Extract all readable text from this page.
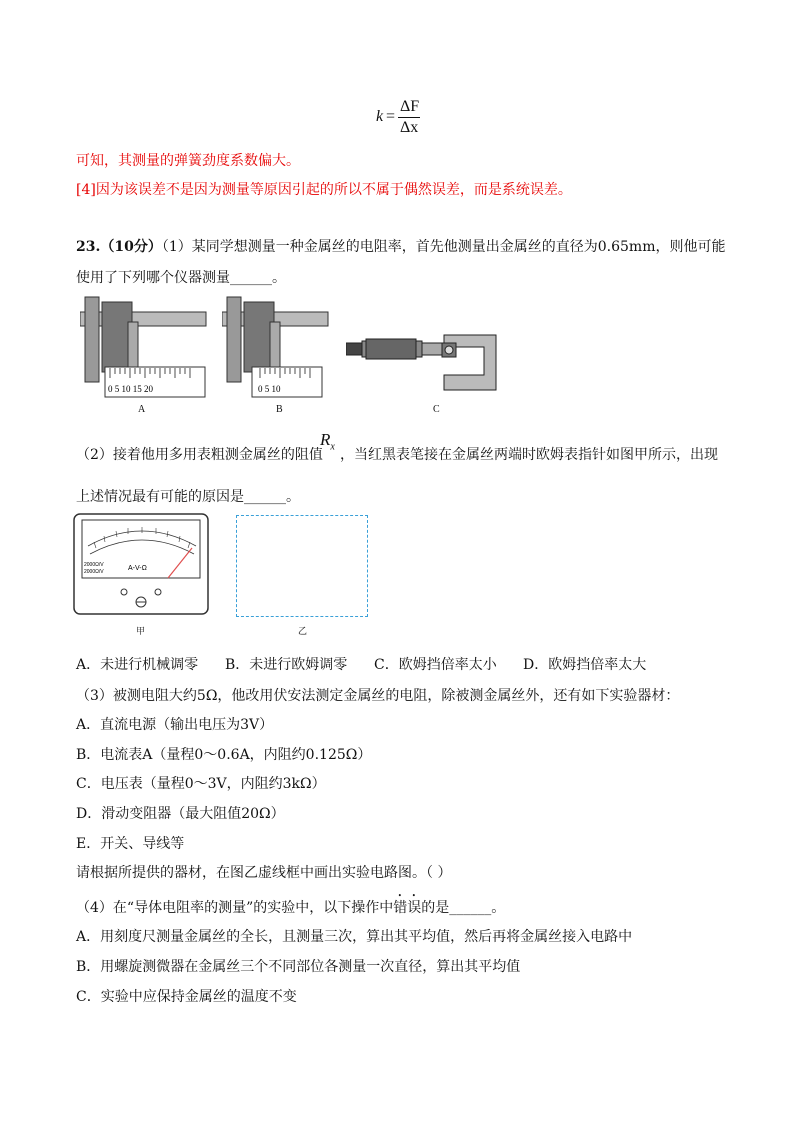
k =
ΔF
Δx
可知，其测量的弹簧劲度系数偏大。
[4]因为该误差不是因为测量等原因引起的所以不属于偶然误差，而是系统误差。
23.（10分）（1）某同学想测量一种金属丝的电阻率，首先他测量出金属丝的直径为0.65mm，则他可能
使用了下列哪个仪器测量______。
0 5 10 15 20
A
0 5 10
B	C
（2）接着他用多用表粗测金属丝的阻值
$R_x$
，当红黑表笔接在金属丝两端时欧姆表指针如图甲所示，出现
上述情况最有可能的原因是______。
A-V-Ω
2000Ω/V
2000Ω/V
甲	乙
A．未进行机械调零 B．未进行欧姆调零 C．欧姆挡倍率太小 D．欧姆挡倍率太大
（3）被测电阻大约5Ω，他改用伏安法测定金属丝的电阻，除被测金属丝外，还有如下实验器材：
A．直流电源（输出电压为3V）
B．电流表A（量程0～0.6A，内阻约0.125Ω）
C．电压表（量程0～3V，内阻约3kΩ）
D．滑动变阻器（最大阻值20Ω）
E．开关、导线等
请根据所提供的器材，在图乙虚线框中画出实验电路图。（ ）
（4）在“导体电阻率的测量”的实验中，以下操作中错误的是______。
A．用刻度尺测量金属丝的全长，且测量三次，算出其平均值，然后再将金属丝接入电路中
B．用螺旋测微器在金属丝三个不同部位各测量一次直径，算出其平均值
C．实验中应保持金属丝的温度不变
